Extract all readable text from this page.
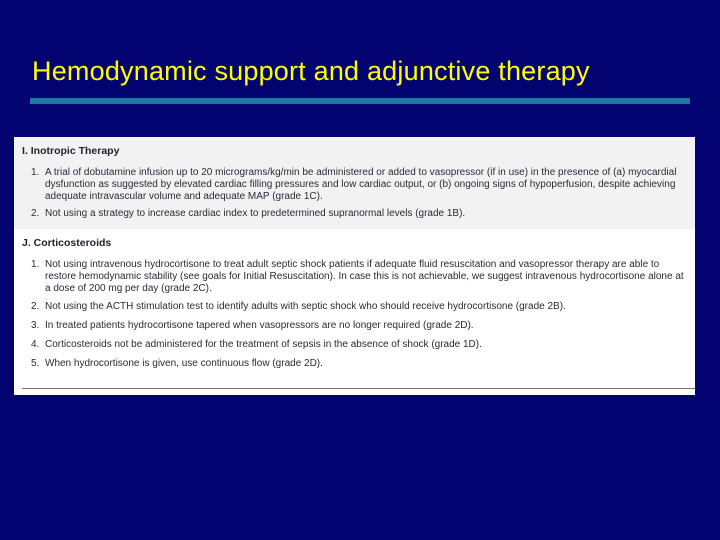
Hemodynamic support and adjunctive therapy
I. Inotropic Therapy
1. A trial of dobutamine infusion up to 20 micrograms/kg/min be administered or added to vasopressor (if in use) in the presence of (a) myocardial dysfunction as suggested by elevated cardiac filling pressures and low cardiac output, or (b) ongoing signs of hypoperfusion, despite achieving adequate intravascular volume and adequate MAP (grade 1C).
2. Not using a strategy to increase cardiac index to predetermined supranormal levels (grade 1B).
J. Corticosteroids
1. Not using intravenous hydrocortisone to treat adult septic shock patients if adequate fluid resuscitation and vasopressor therapy are able to restore hemodynamic stability (see goals for Initial Resuscitation). In case this is not achievable, we suggest intravenous hydrocortisone alone at a dose of 200 mg per day (grade 2C).
2. Not using the ACTH stimulation test to identify adults with septic shock who should receive hydrocortisone (grade 2B).
3. In treated patients hydrocortisone tapered when vasopressors are no longer required (grade 2D).
4. Corticosteroids not be administered for the treatment of sepsis in the absence of shock (grade 1D).
5. When hydrocortisone is given, use continuous flow (grade 2D).
